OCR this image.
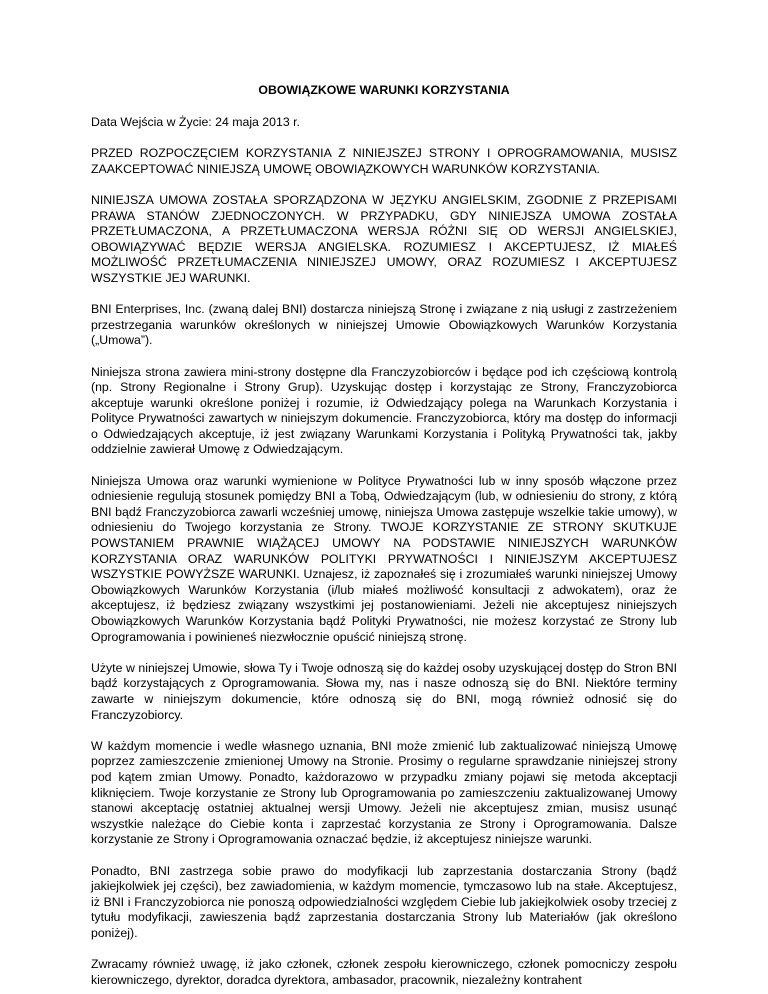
OBOWIĄZKOWE WARUNKI KORZYSTANIA
Data Wejścia w Życie: 24 maja 2013 r.

PRZED ROZPOCZĘCIEM KORZYSTANIA Z NINIEJSZEJ STRONY I OPROGRAMOWANIA, MUSISZ ZAAKCEPTOWAĆ NINIEJSZĄ UMOWĘ OBOWIĄZKOWYCH WARUNKÓW KORZYSTANIA.

NINIEJSZA UMOWA ZOSTAŁA SPORZĄDZONA W JĘZYKU ANGIELSKIM, ZGODNIE Z PRZEPISAMI PRAWA STANÓW ZJEDNOCZONYCH. W PRZYPADKU, GDY NINIEJSZA UMOWA ZOSTAŁA PRZETŁUMACZONA, A PRZETŁUMACZONA WERSJA RÓŻNI SIĘ OD WERSJI ANGIELSKIEJ, OBOWIĄZYWAĆ BĘDZIE WERSJA ANGIELSKA. ROZUMIESZ I AKCEPTUJESZ, IŻ MIAŁEŚ MOŻLIWOŚĆ PRZETŁUMACZENIA NINIEJSZEJ UMOWY, ORAZ ROZUMIESZ I AKCEPTUJESZ WSZYSTKIE JEJ WARUNKI.

BNI Enterprises, Inc. (zwaną dalej BNI) dostarcza niniejszą Stronę i związane z nią usługi z zastrzeżeniem przestrzegania warunków określonych w niniejszej Umowie Obowiązkowych Warunków Korzystania („Umowa”).

Niniejsza strona zawiera mini-strony dostępne dla Franczyzobiorców i będące pod ich częściową kontrolą (np. Strony Regionalne i Strony Grup). Uzyskując dostęp i korzystając ze Strony, Franczyzobiorca akceptuje warunki określone poniżej i rozumie, iż Odwiedzający polega na Warunkach Korzystania i Polityce Prywatności zawartych w niniejszym dokumencie. Franczyzobiorca, który ma dostęp do informacji o Odwiedzających akceptuje, iż jest związany Warunkami Korzystania i Polityką Prywatności tak, jakby oddzielnie zawierał Umowę z Odwiedzającym.

Niniejsza Umowa oraz warunki wymienione w Polityce Prywatności lub w inny sposób włączone przez odniesienie regulują stosunek pomiędzy BNI a Tobą, Odwiedzającym (lub, w odniesieniu do strony, z którą BNI bądź Franczyzobiorca zawarli wcześniej umowę, niniejsza Umowa zastępuje wszelkie takie umowy), w odniesieniu do Twojego korzystania ze Strony. TWOJE KORZYSTANIE ZE STRONY SKUTKUJE POWSTANIEM PRAWNIE WIĄŻĄCEJ UMOWY NA PODSTAWIE NINIEJSZYCH WARUNKÓW KORZYSTANIA ORAZ WARUNKÓW POLITYKI PRYWATNOŚCI I NINIEJSZYM AKCEPTUJESZ WSZYSTKIE POWYŻSZE WARUNKI. Uznajesz, iż zapoznałeś się i zrozumiałeś warunki niniejszej Umowy Obowiązkowych Warunków Korzystania (i/lub miałeś możliwość konsultacji z adwokatem), oraz że akceptujesz, iż będziesz związany wszystkimi jej postanowieniami. Jeżeli nie akceptujesz niniejszych Obowiązkowych Warunków Korzystania bądź Polityki Prywatności, nie możesz korzystać ze Strony lub Oprogramowania i powinieneś niezwłocznie opuścić niniejszą stronę.

Użyte w niniejszej Umowie, słowa Ty i Twoje odnoszą się do każdej osoby uzyskującej dostęp do Stron BNI bądź korzystających z Oprogramowania. Słowa my, nas i nasze odnoszą się do BNI. Niektóre terminy zawarte w niniejszym dokumencie, które odnoszą się do BNI, mogą również odnosić się do Franczyzobiorcy.

W każdym momencie i wedle własnego uznania, BNI może zmienić lub zaktualizować niniejszą Umowę poprzez zamieszczenie zmienionej Umowy na Stronie. Prosimy o regularne sprawdzanie niniejszej strony pod kątem zmian Umowy. Ponadto, każdorazowo w przypadku zmiany pojawi się metoda akceptacji kliknięciem. Twoje korzystanie ze Strony lub Oprogramowania po zamieszczeniu zaktualizowanej Umowy stanowi akceptację ostatniej aktualnej wersji Umowy. Jeżeli nie akceptujesz zmian, musisz usunąć wszystkie należące do Ciebie konta i zaprzestać korzystania ze Strony i Oprogramowania. Dalsze korzystanie ze Strony i Oprogramowania oznaczać będzie, iż akceptujesz niniejsze warunki.

Ponadto, BNI zastrzega sobie prawo do modyfikacji lub zaprzestania dostarczania Strony (bądź jakiejkolwiek jej części), bez zawiadomienia, w każdym momencie, tymczasowo lub na stałe. Akceptujesz, iż BNI i Franczyzobiorca nie ponoszą odpowiedzialności względem Ciebie lub jakiejkolwiek osoby trzeciej z tytułu modyfikacji, zawieszenia bądź zaprzestania dostarczania Strony lub Materiałów (jak określono poniżej).

Zwracamy również uwagę, iż jako członek, członek zespołu kierowniczego, członek pomocniczy zespołu kierowniczego, dyrektor, doradca dyrektora, ambasador, pracownik, niezależny kontrahent
